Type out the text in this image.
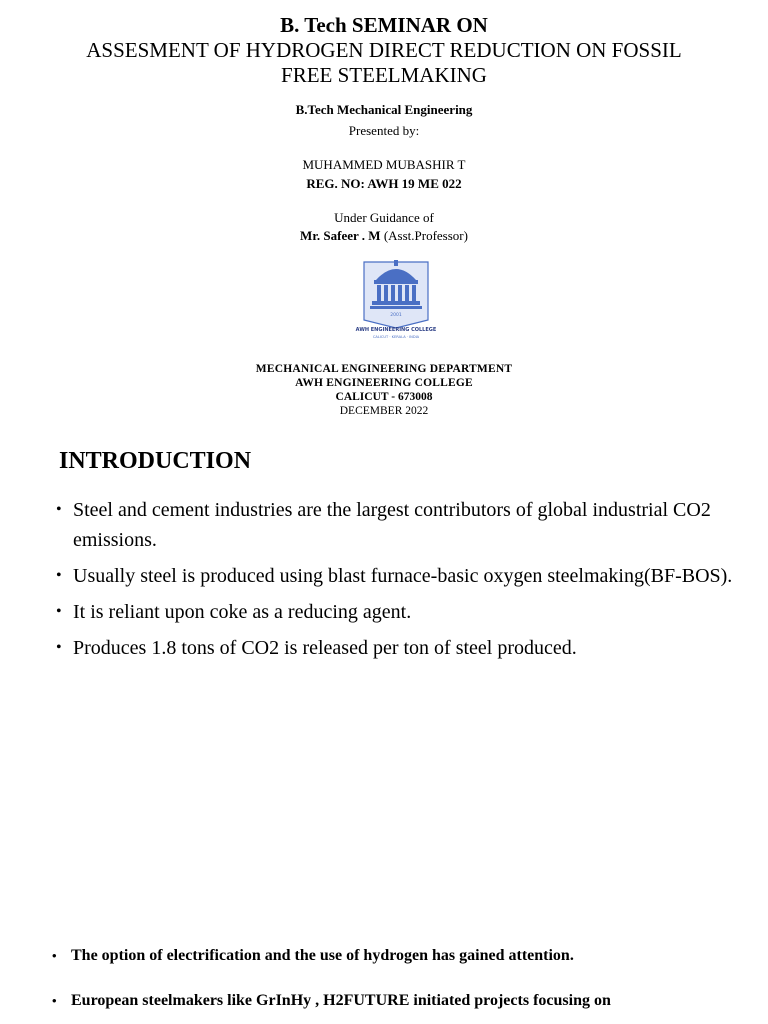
B. Tech SEMINAR ON
ASSESMENT OF HYDROGEN DIRECT REDUCTION ON FOSSIL
FREE STEELMAKING
B.Tech Mechanical Engineering
Presented by:
MUHAMMED MUBASHIR T
REG. NO: AWH 19 ME 022
Under Guidance of
Mr. Safeer . M (Asst.Professor)
2001
AWH ENGINEERING COLLEGE
CALICUT · KERALA · INDIA
MECHANICAL ENGINEERING DEPARTMENT
AWH ENGINEERING COLLEGE
CALICUT - 673008
DECEMBER 2022
INTRODUCTION
• Steel and cement industries are the largest contributors of global industrial CO2 emissions.
• Usually steel is produced using blast furnace-basic oxygen steelmaking(BF-BOS).
• It is reliant upon coke as a reducing agent.
• Produces 1.8 tons of CO2 is released per ton of steel produced.
• The option of electrification and the use of hydrogen has gained attention.
• European steelmakers like GrInHy , H2FUTURE initiated projects focusing on
